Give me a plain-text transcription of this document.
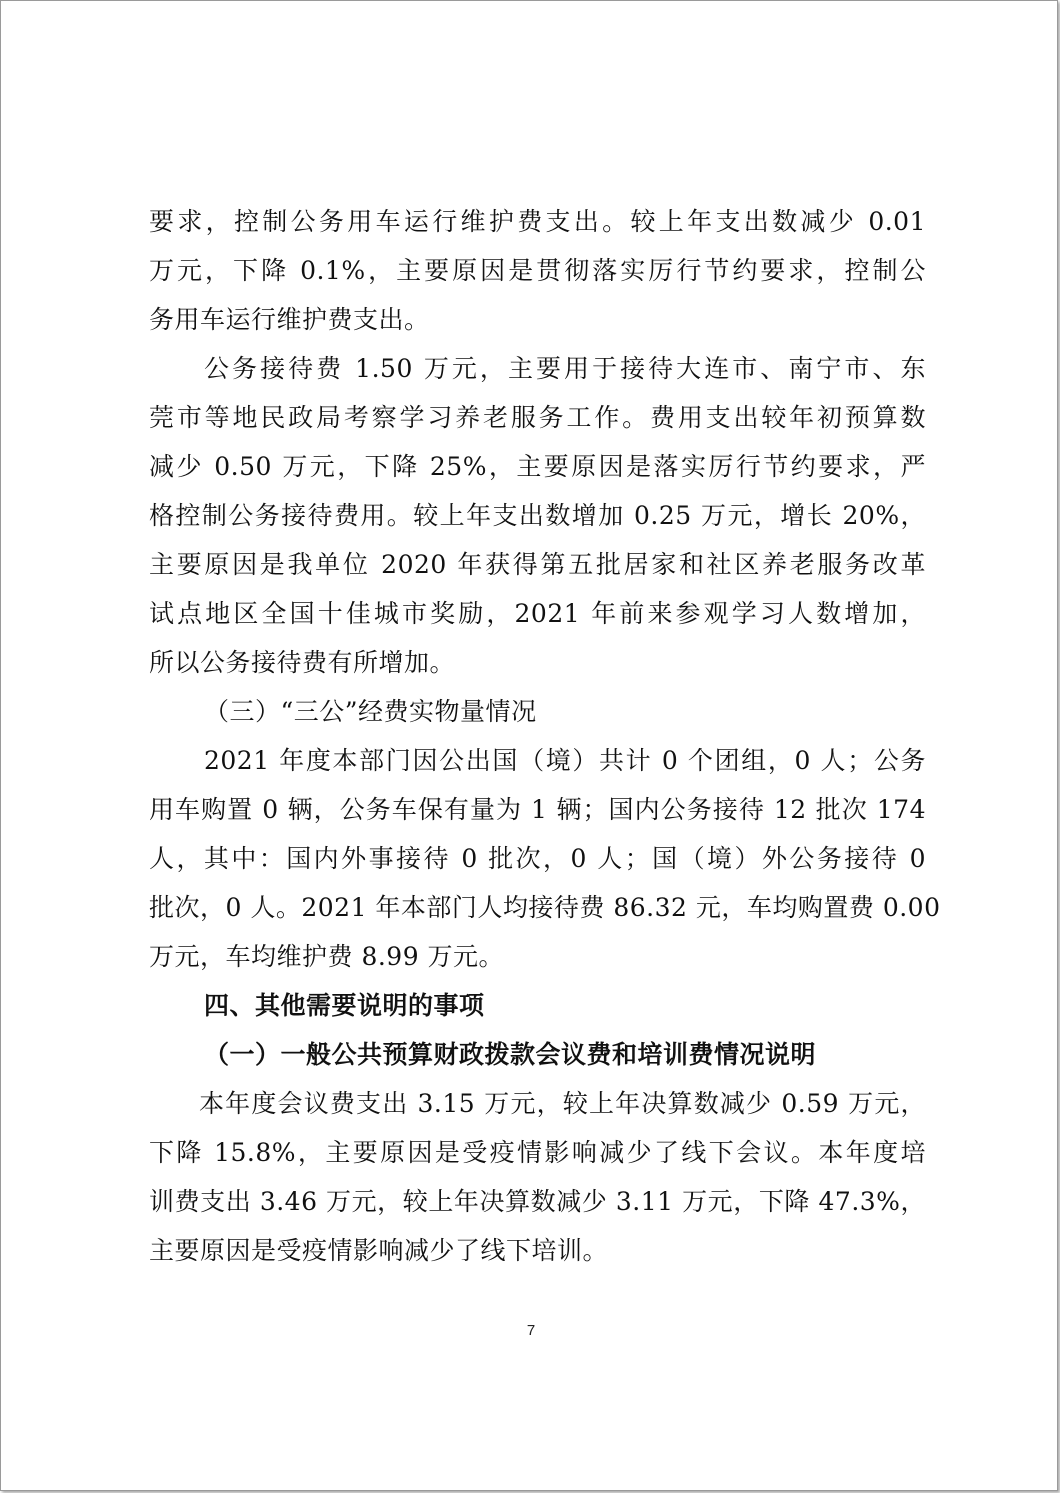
要求，控制公务用车运行维护费支出。较上年支出数减少 0.01
万元，下降 0.1%，主要原因是贯彻落实厉行节约要求，控制公
务用车运行维护费支出。
公务接待费 1.50 万元，主要用于接待大连市、南宁市、东
莞市等地民政局考察学习养老服务工作。费用支出较年初预算数
减少 0.50 万元，下降 25%，主要原因是落实厉行节约要求，严
格控制公务接待费用。较上年支出数增加 0.25 万元，增长 20%，
主要原因是我单位 2020 年获得第五批居家和社区养老服务改革
试点地区全国十佳城市奖励，2021 年前来参观学习人数增加，
所以公务接待费有所增加。
（三）“三公”经费实物量情况
2021 年度本部门因公出国（境）共计 0 个团组，0 人；公务
用车购置 0 辆，公务车保有量为 1 辆；国内公务接待 12 批次 174
人，其中：国内外事接待 0 批次，0 人；国（境）外公务接待 0
批次，0 人。2021 年本部门人均接待费 86.32 元，车均购置费 0.00
万元，车均维护费 8.99 万元。
四、其他需要说明的事项
（一）一般公共预算财政拨款会议费和培训费情况说明
本年度会议费支出 3.15 万元，较上年决算数减少 0.59 万元，
下降 15.8%，主要原因是受疫情影响减少了线下会议。本年度培
训费支出 3.46 万元，较上年决算数减少 3.11 万元，下降 47.3%，
主要原因是受疫情影响减少了线下培训。
7
